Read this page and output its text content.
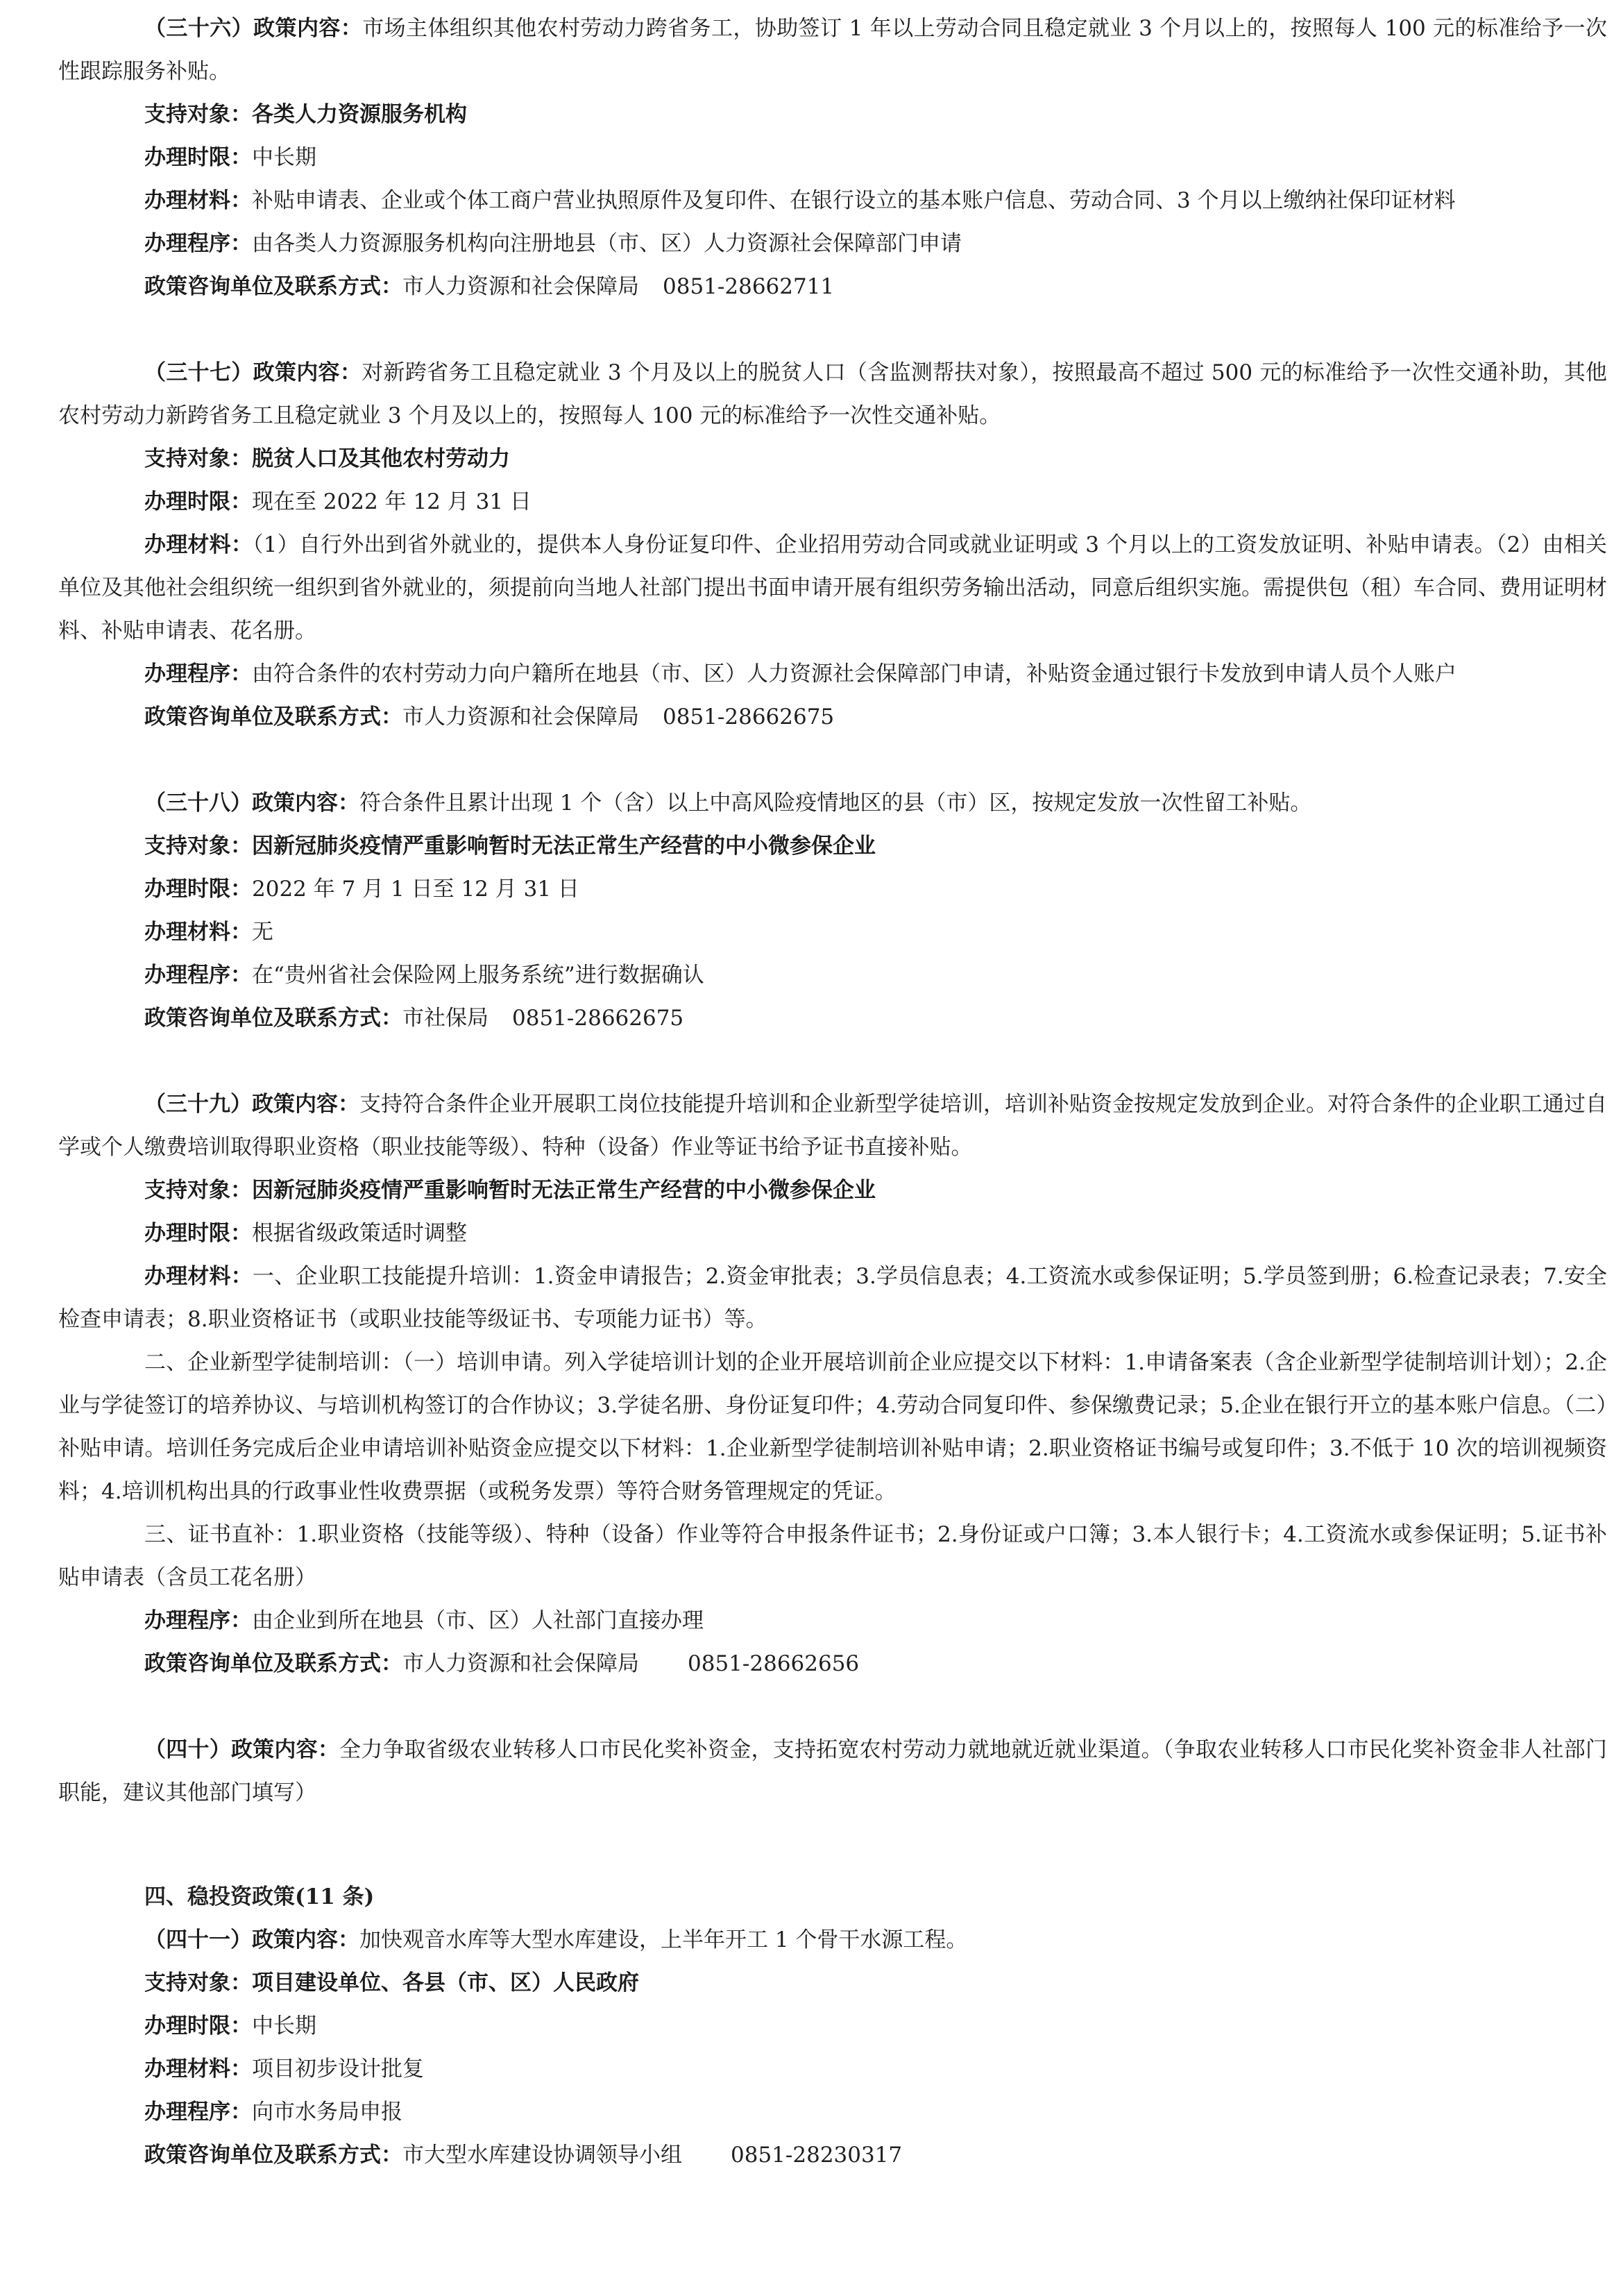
（三十六）政策内容：市场主体组织其他农村劳动力跨省务工，协助签订 1 年以上劳动合同且稳定就业 3 个月以上的，按照每人 100 元的标准给予一次性跟踪服务补贴。

支持对象：各类人力资源服务机构

办理时限：中长期

办理材料：补贴申请表、企业或个体工商户营业执照原件及复印件、在银行设立的基本账户信息、劳动合同、3 个月以上缴纳社保印证材料

办理程序：由各类人力资源服务机构向注册地县（市、区）人力资源社会保障部门申请

政策咨询单位及联系方式：市人力资源和社会保障局 0851-28662711

（三十七）政策内容：对新跨省务工且稳定就业 3 个月及以上的脱贫人口（含监测帮扶对象），按照最高不超过 500 元的标准给予一次性交通补助，其他农村劳动力新跨省务工且稳定就业 3 个月及以上的，按照每人 100 元的标准给予一次性交通补贴。

支持对象：脱贫人口及其他农村劳动力

办理时限：现在至 2022 年 12 月 31 日

办理材料：（1）自行外出到省外就业的，提供本人身份证复印件、企业招用劳动合同或就业证明或 3 个月以上的工资发放证明、补贴申请表。（2）由相关单位及其他社会组织统一组织到省外就业的，须提前向当地人社部门提出书面申请开展有组织劳务输出活动，同意后组织实施。需提供包（租）车合同、费用证明材料、补贴申请表、花名册。

办理程序：由符合条件的农村劳动力向户籍所在地县（市、区）人力资源社会保障部门申请，补贴资金通过银行卡发放到申请人员个人账户

政策咨询单位及联系方式：市人力资源和社会保障局 0851-28662675

（三十八）政策内容：符合条件且累计出现 1 个（含）以上中高风险疫情地区的县（市）区，按规定发放一次性留工补贴。

支持对象：因新冠肺炎疫情严重影响暂时无法正常生产经营的中小微参保企业

办理时限：2022 年 7 月 1 日至 12 月 31 日

办理材料：无

办理程序：在“贵州省社会保险网上服务系统”进行数据确认

政策咨询单位及联系方式：市社保局 0851-28662675

（三十九）政策内容：支持符合条件企业开展职工岗位技能提升培训和企业新型学徒培训，培训补贴资金按规定发放到企业。对符合条件的企业职工通过自学或个人缴费培训取得职业资格（职业技能等级）、特种（设备）作业等证书给予证书直接补贴。

支持对象：因新冠肺炎疫情严重影响暂时无法正常生产经营的中小微参保企业

办理时限：根据省级政策适时调整

办理材料：一、企业职工技能提升培训：1.资金申请报告；2.资金审批表；3.学员信息表；4.工资流水或参保证明；5.学员签到册；6.检查记录表；7.安全检查申请表；8.职业资格证书（或职业技能等级证书、专项能力证书）等。

二、企业新型学徒制培训：（一）培训申请。列入学徒培训计划的企业开展培训前企业应提交以下材料：1.申请备案表（含企业新型学徒制培训计划）；2.企业与学徒签订的培养协议、与培训机构签订的合作协议；3.学徒名册、身份证复印件；4.劳动合同复印件、参保缴费记录；5.企业在银行开立的基本账户信息。（二）补贴申请。培训任务完成后企业申请培训补贴资金应提交以下材料：1.企业新型学徒制培训补贴申请；2.职业资格证书编号或复印件；3.不低于 10 次的培训视频资料；4.培训机构出具的行政事业性收费票据（或税务发票）等符合财务管理规定的凭证。

三、证书直补：1.职业资格（技能等级）、特种（设备）作业等符合申报条件证书；2.身份证或户口簿；3.本人银行卡；4.工资流水或参保证明；5.证书补贴申请表（含员工花名册）

办理程序：由企业到所在地县（市、区）人社部门直接办理

政策咨询单位及联系方式：市人力资源和社会保障局 0851-28662656

（四十）政策内容：全力争取省级农业转移人口市民化奖补资金，支持拓宽农村劳动力就地就近就业渠道。（争取农业转移人口市民化奖补资金非人社部门职能，建议其他部门填写）

四、稳投资政策(11 条)

（四十一）政策内容：加快观音水库等大型水库建设，上半年开工 1 个骨干水源工程。

支持对象：项目建设单位、各县（市、区）人民政府

办理时限：中长期

办理材料：项目初步设计批复

办理程序：向市水务局申报

政策咨询单位及联系方式：市大型水库建设协调领导小组 0851-28230317
